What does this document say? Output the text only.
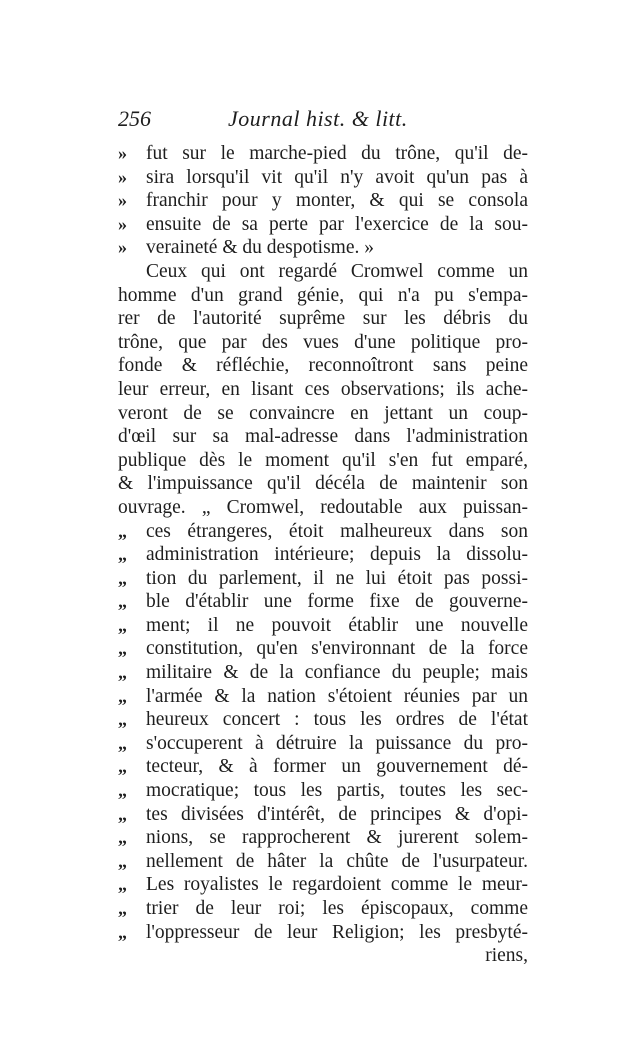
256	Journal hist. & litt.
» fut sur le marche-pied du trône, qu'il de-
» sira lorsqu'il vit qu'il n'y avoit qu'un pas à
» franchir pour y monter, & qui se consola
» ensuite de sa perte par l'exercice de la sou-
» veraineté & du despotisme. »
Ceux qui ont regardé Cromwel comme un
homme d'un grand génie, qui n'a pu s'empa-
rer de l'autorité suprême sur les débris du
trône, que par des vues d'une politique pro-
fonde & réfléchie, reconnoîtront sans peine
leur erreur, en lisant ces observations; ils ache-
veront de se convaincre en jettant un coup-
d'œil sur sa mal-adresse dans l'administration
publique dès le moment qu'il s'en fut emparé,
& l'impuissance qu'il décéla de maintenir son
ouvrage. „ Cromwel, redoutable aux puissan-
„ ces étrangeres, étoit malheureux dans son
„ administration intérieure; depuis la dissolu-
„ tion du parlement, il ne lui étoit pas possi-
„ ble d'établir une forme fixe de gouverne-
„ ment; il ne pouvoit établir une nouvelle
„ constitution, qu'en s'environnant de la force
„ militaire & de la confiance du peuple; mais
„ l'armée & la nation s'étoient réunies par un
„ heureux concert : tous les ordres de l'état
„ s'occuperent à détruire la puissance du pro-
„ tecteur, & à former un gouvernement dé-
„ mocratique; tous les partis, toutes les sec-
„ tes divisées d'intérêt, de principes & d'opi-
„ nions, se rapprocherent & jurerent solem-
„ nellement de hâter la chûte de l'usurpateur.
„ Les royalistes le regardoient comme le meur-
„ trier de leur roi; les épiscopaux, comme
„ l'oppresseur de leur Religion; les presbyté-
riens,
